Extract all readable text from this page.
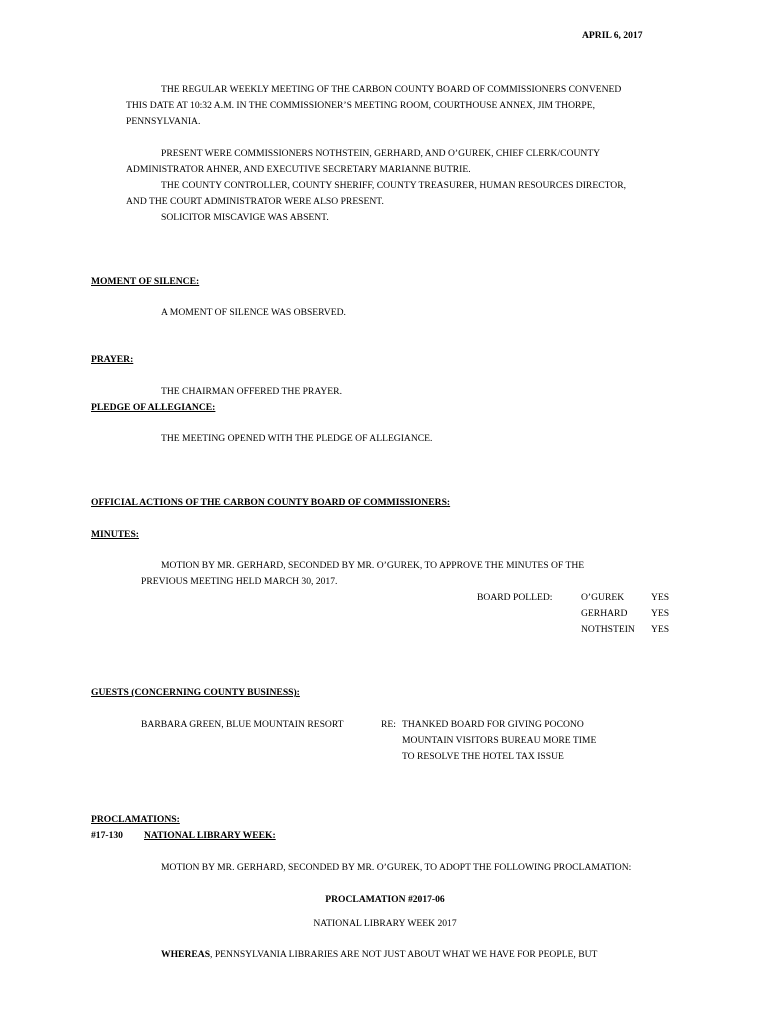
APRIL 6, 2017
THE REGULAR WEEKLY MEETING OF THE CARBON COUNTY BOARD OF COMMISSIONERS CONVENED
THIS DATE AT 10:32 A.M. IN THE COMMISSIONER’S MEETING ROOM, COURTHOUSE ANNEX, JIM THORPE,
PENNSYLVANIA.
PRESENT WERE COMMISSIONERS NOTHSTEIN, GERHARD, AND O’GUREK, CHIEF CLERK/COUNTY
ADMINISTRATOR AHNER, AND EXECUTIVE SECRETARY MARIANNE BUTRIE.
THE COUNTY CONTROLLER, COUNTY SHERIFF, COUNTY TREASURER, HUMAN RESOURCES DIRECTOR,
AND THE COURT ADMINISTRATOR WERE ALSO PRESENT.
SOLICITOR MISCAVIGE WAS ABSENT.
MOMENT OF SILENCE:
A MOMENT OF SILENCE WAS OBSERVED.
PRAYER:
THE CHAIRMAN OFFERED THE PRAYER.
PLEDGE OF ALLEGIANCE:
THE MEETING OPENED WITH THE PLEDGE OF ALLEGIANCE.
OFFICIAL ACTIONS OF THE CARBON COUNTY BOARD OF COMMISSIONERS:
MINUTES:
MOTION BY MR. GERHARD, SECONDED BY MR. O’GUREK, TO APPROVE THE MINUTES OF THE
PREVIOUS MEETING HELD MARCH 30, 2017.
BOARD POLLED:	O’GUREK	YES
GERHARD YES
NOTHSTEIN YES
GUESTS (CONCERNING COUNTY BUSINESS):
BARBARA GREEN, BLUE MOUNTAIN RESORT	RE: THANKED BOARD FOR GIVING POCONO
MOUNTAIN VISITORS BUREAU MORE TIME
TO RESOLVE THE HOTEL TAX ISSUE
PROCLAMATIONS:
#17-130 NATIONAL LIBRARY WEEK:
MOTION BY MR. GERHARD, SECONDED BY MR. O’GUREK, TO ADOPT THE FOLLOWING PROCLAMATION:
PROCLAMATION #2017-06
NATIONAL LIBRARY WEEK 2017
WHEREAS, PENNSYLVANIA LIBRARIES ARE NOT JUST ABOUT WHAT WE HAVE FOR PEOPLE, BUT
